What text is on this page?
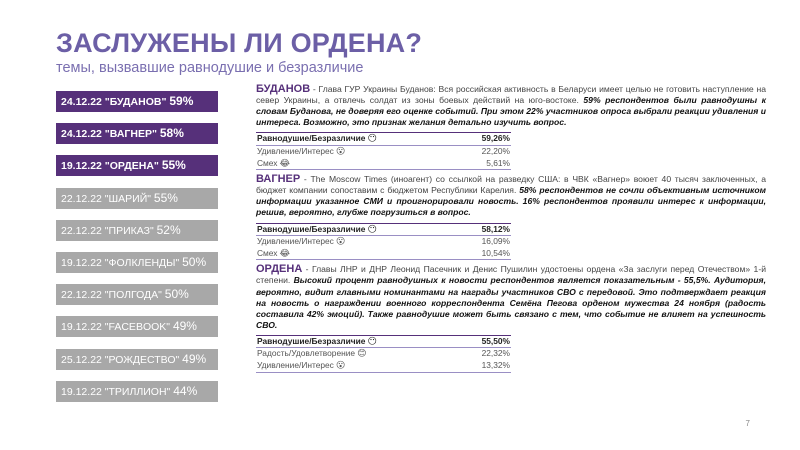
ЗАСЛУЖЕНЫ ЛИ ОРДЕНА?
темы, вызвавшие равнодушие и безразличие
24.12.22 "БУДАНОВ" 59%
24.12.22 "ВАГНЕР" 58%
19.12.22 "ОРДЕНА" 55%
22.12.22 "ШАРИЙ" 55%
22.12.22 "ПРИКАЗ" 52%
19.12.22 "ФОЛКЛЕНДЫ" 50%
22.12.22 "ПОЛГОДА" 50%
19.12.22 "FACEBOOK" 49%
25.12.22 "РОЖДЕСТВО" 49%
19.12.22 "ТРИЛЛИОН" 44%

БУДАНОВ - Глава ГУР Украины Буданов: Вся российская активность в Беларуси имеет целью не готовить наступление на север Украины, а отвлечь солдат из зоны боевых действий на юго-востоке. 59% респондентов были равнодушны к словам Буданова, не доверяя его оценке событий. При этом 22% участников опроса выбрали реакции удивления и интереса. Возможно, это признак желания детально изучить вопрос.

Равнодушие/Безразличие 😶	59,26%
Удивление/Интерес 😮	22,20%
Смех 😂	5,61%

ВАГНЕР - The Moscow Times (иноагент) со ссылкой на разведку США: в ЧВК «Вагнер» воюет 40 тысяч заключенных, а бюджет компании сопоставим с бюджетом Республики Карелия. 58% респондентов не сочли объективным источником информации указанное СМИ и проигнорировали новость. 16% респондентов проявили интерес к информации, решив, вероятно, глубже погрузиться в вопрос.

Равнодушие/Безразличие 😶	58,12%
Удивление/Интерес 😮	16,09%
Смех 😂	10,54%

ОРДЕНА - Главы ЛНР и ДНР Леонид Пасечник и Денис Пушилин удостоены ордена «За заслуги перед Отечеством» 1-й степени. Высокий процент равнодушных к новости респондентов является показательным - 55,5%. Аудитория, вероятно, видит главными номинантами на награды участников СВО с передовой. Это подтверждает реакция на новость о награждении военного корреспондента Семёна Пегова орденом мужества 24 ноября (радость составила 42% эмоций). Также равнодушие может быть связано с тем, что событие не влияет на успешность СВО.

Равнодушие/Безразличие 😶	55,50%
Радость/Удовлетворение 😊	22,32%
Удивление/Интерес 😮	13,32%
7
